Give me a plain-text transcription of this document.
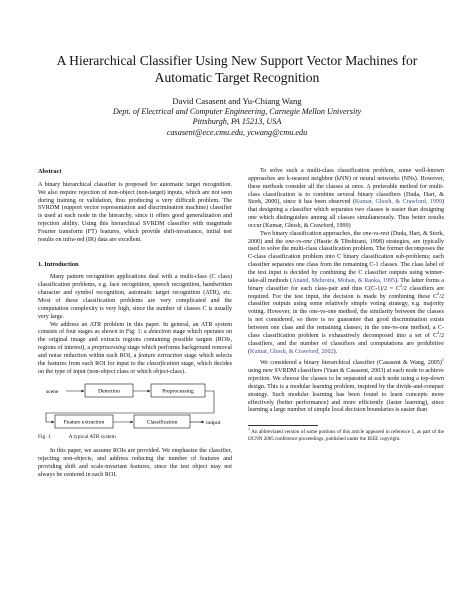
A Hierarchical Classifier Using New Support Vector Machines for
Automatic Target Recognition
David Casasent and Yu-Chiang Wang
Dept. of Electrical and Computer Engineering, Carnegie Mellon University
Pittsburgh, PA 15213, USA
casasent@ece.cmu.edu, ycwang@cmu.edu
Abstract

A binary hierarchical classifier is proposed for automatic target recognition. We also require rejection of non-object (non-target) inputs, which are not seen during training or validation, thus producing a very difficult problem. The SVRDM (support vector representation and discrimination machine) classifier is used at each node in the hierarchy, since it offers good generalization and rejection ability. Using this hierarchical SVRDM classifier with magnitude Fourier transform (FT) features, which provide shift-invariance, initial test results on infra-red (IR) data are excellent.

1. Introduction

Many pattern recognition applications deal with a multi-class (C class) classification problems, e.g. face recognition, speech recognition, handwritten character and symbol recognition, automatic target recognition (ATR), etc. Most of these classification problems are very complicated and the computation complexity is very high, since the number of classes C is usually very large.

We address an ATR problem in this paper. In general, an ATR system consists of four stages as shown in Fig: 1: a detection stage which operates on the original image and extracts regions containing possible targets (ROIs, regions of interest), a preprocessing stage which performs background removal and noise reduction within each ROI, a feature extraction stage which selects the features from each ROI for input to the classification stage, which decides on the type of input (non-object class or which object-class).

scene	Detection	Preprocessing
Feature extraction	Classification	output
Fig. 1	A typical ATR system

In this paper, we assume ROIs are provided. We emphasize the classifier, rejecting non-objects, and address reducing the number of features and providing shift and scale-invariant features, since the test object may not always be centered in each ROI.

To solve such a multi-class classification problem, some well-known approaches are k-nearest neighbor (kNN) or neural networks (NNs). However, these methods consider all the classes at once. A preferable method for multi-class classification is to combine several binary classifiers (Duda, Hart, & Stork, 2000), since it has been observed (Kumar, Ghosh, & Crawford, 1999) that designing a classifier which separates two classes is easier than designing one which distinguishes among all classes simultaneously. Thus better results occur (Kumar, Ghosh, & Crawford, 1999)

Two binary classification approaches, the one-vs-rest (Duda, Hart, & Stork, 2000) and the one-vs-one (Hastie & Tibshirani, 1998) strategies, are typically used to solve the multi-class classification problem. The former decomposes the C-class classification problem into C binary classification sub-problems; each classifier separates one class from the remaining C-1 classes. The class label of the test input is decided by combining the C classifier outputs using winner-take-all methods (Anand, Mehrotra, Mohan, & Ranka, 1995). The latter forms a binary classifier for each class-pair and thus $C(C-1)/2 = C^2/2$ classifiers are required. For the test input, the decision is made by combining these $C^2/2$ classifier outputs using some relatively simple voting strategy, e.g. majority voting. However, in the one-vs-one method, the similarity between the classes is not considered, so there is no guarantee that good discrimination exists between one class and the remaining classes; in the one-vs-one method, a C-class classification problem is exhaustively decomposed into a set of $C^2/2$ classifiers, and the number of classifiers and computations are prohibitive (Kumar, Ghosh, & Crawford, 2002).

We considered a binary hierarchical classifier (Casasent & Wang, 2005)$^1$ using new SVRDM classifiers (Yuan & Casasent, 2003) at each node to achieve rejection. We choose the classes to be separated at each node using a top-down design. This is a modular learning problem, inspired by the divide-and-conquer strategy. Such modular learning has been found to learn concepts more effectively (better performance) and more efficiently (faster learning), since learning a large number of simple local decision boundaries is easier than

$^1$ An abbreviated version of some portions of this article appeared in reference 1, as part of the IJCNN 2005 conference proceedings, published under the IEEE copyright.
